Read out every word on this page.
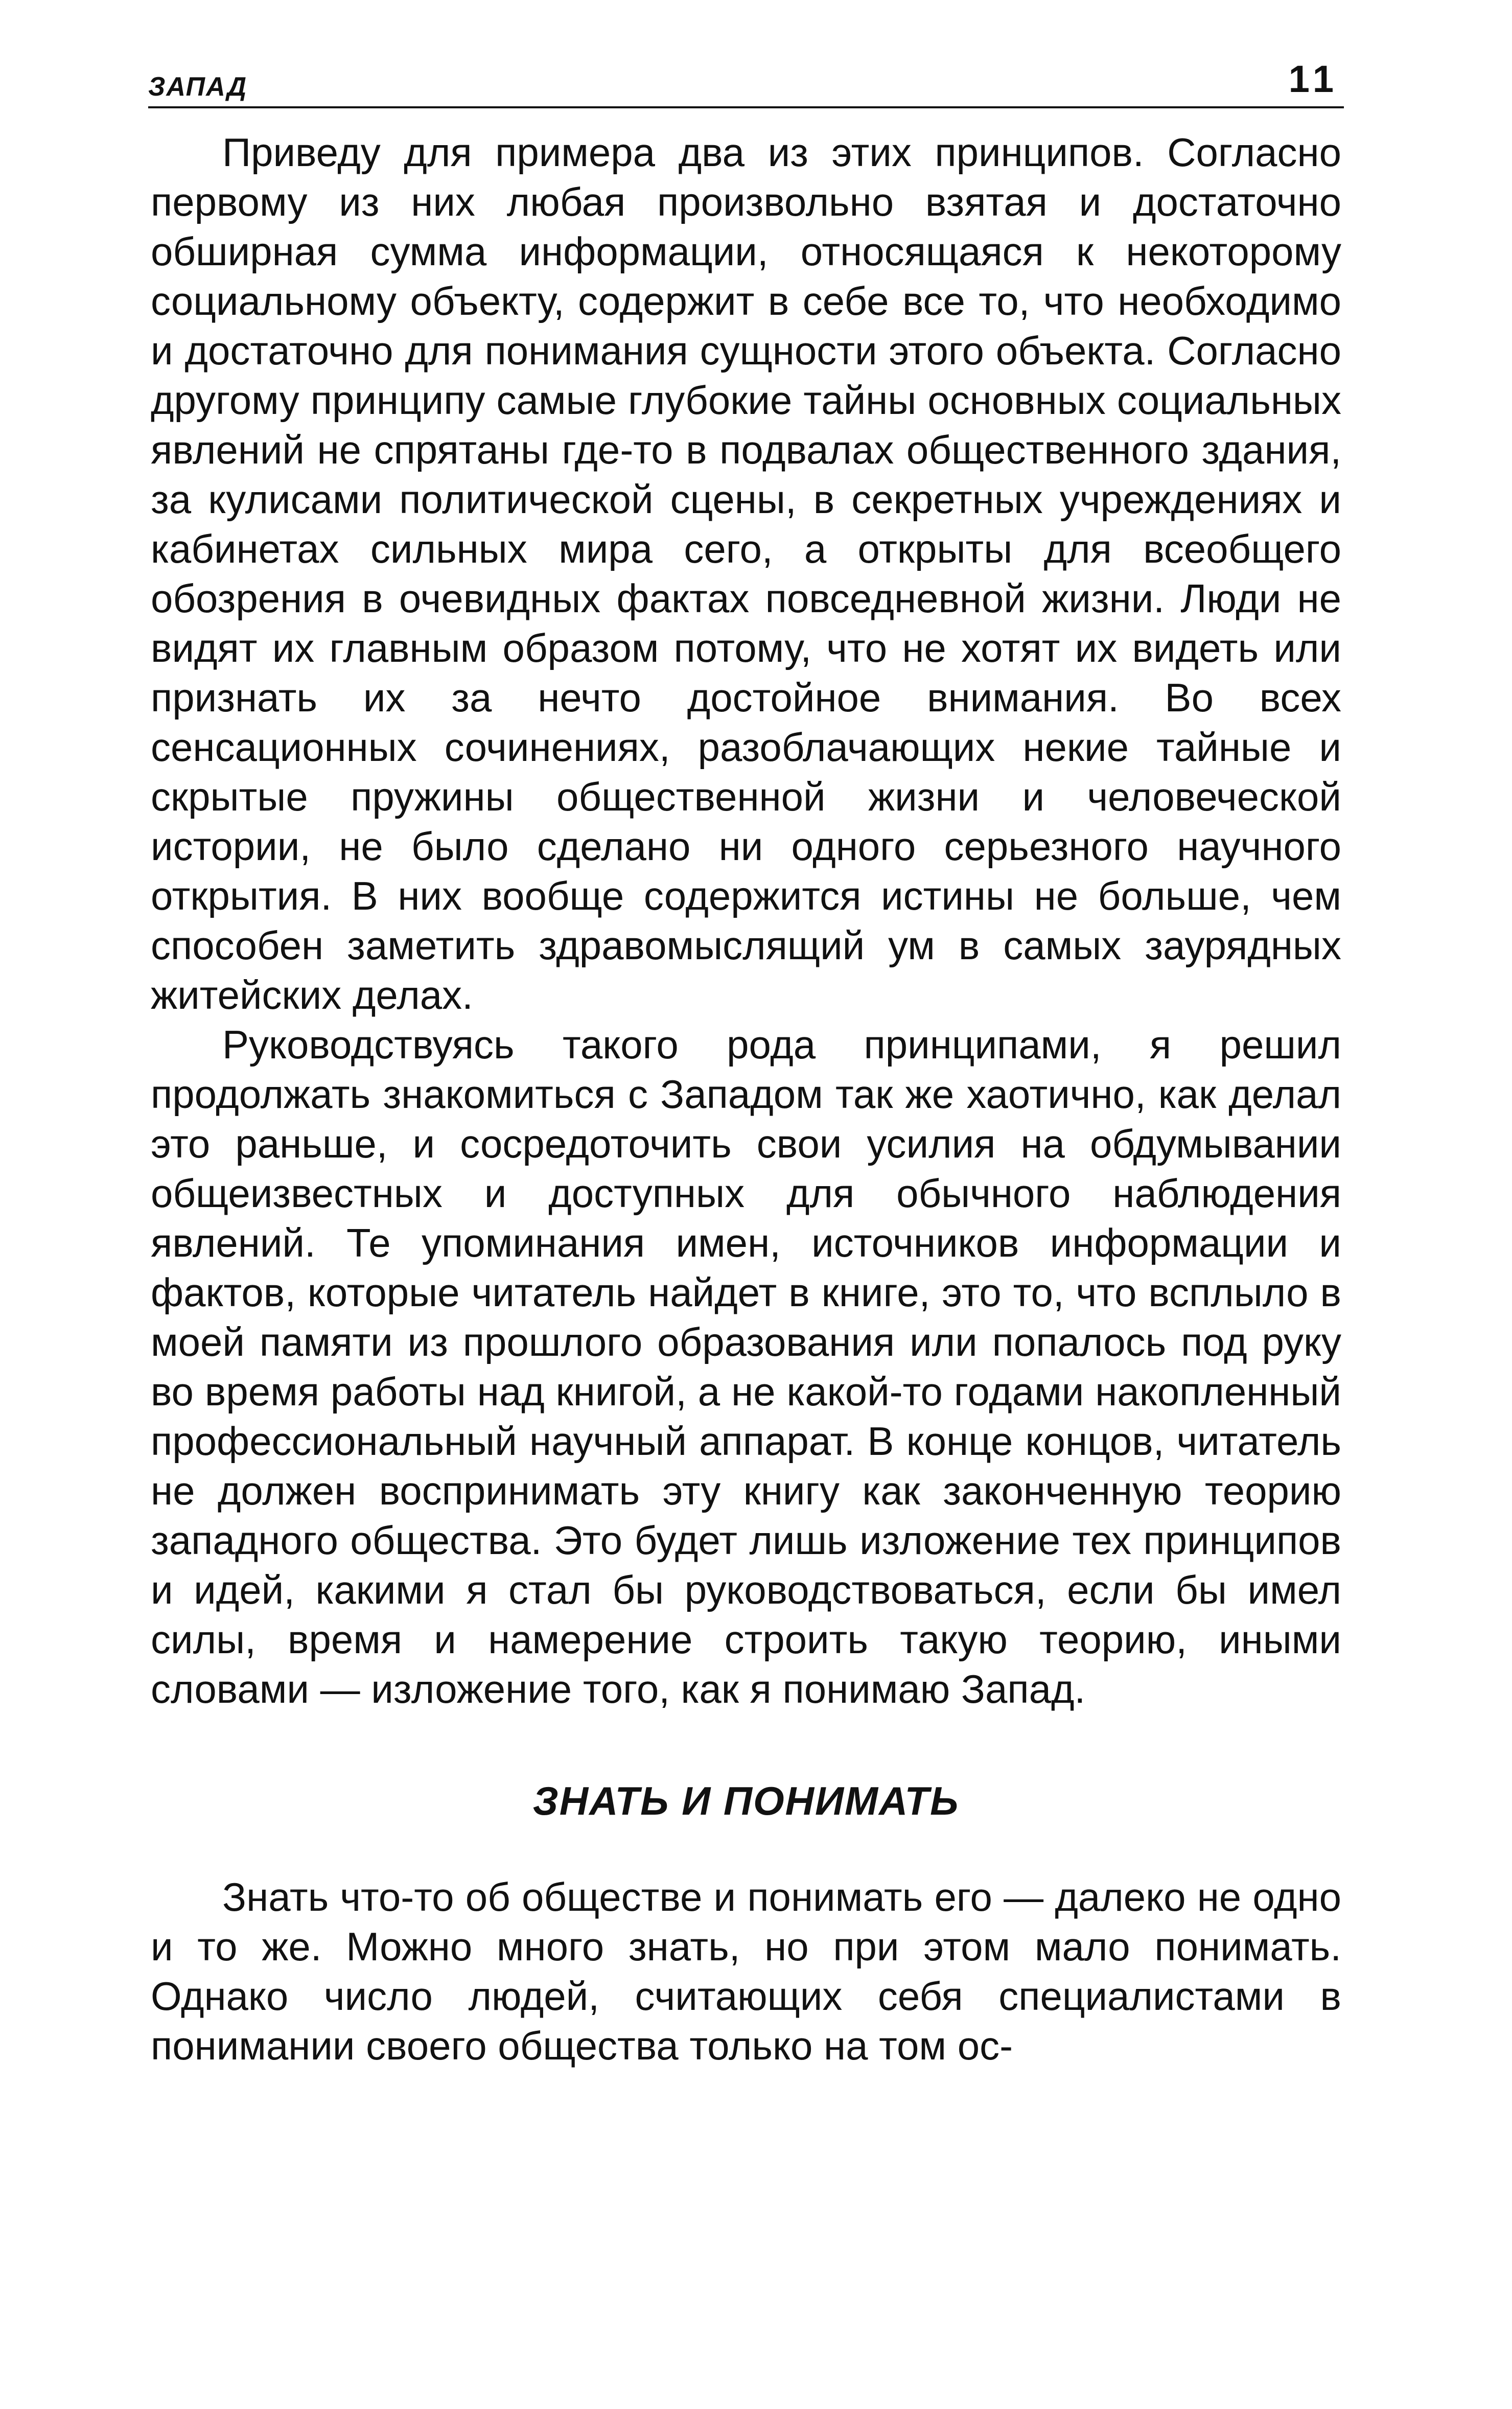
ЗАПАД	11

Приведу для примера два из этих принципов. Согласно первому из них любая произвольно взятая и достаточно обширная сумма информации, относящаяся к некоторому социальному объекту, содержит в себе все то, что необходимо и достаточно для понимания сущности этого объекта. Согласно другому принципу самые глубокие тайны основных социальных явлений не спрятаны где-то в подвалах общественного здания, за кулисами политической сцены, в секретных учреждениях и кабинетах сильных мира сего, а открыты для всеобщего обозрения в очевидных фактах повседневной жизни. Люди не видят их главным образом потому, что не хотят их видеть или признать их за нечто достойное внимания. Во всех сенсационных сочинениях, разоблачающих некие тайные и скрытые пружины общественной жизни и человеческой истории, не было сделано ни одного серьезного научного открытия. В них вообще содержится истины не больше, чем способен заметить здравомыслящий ум в самых заурядных житейских делах.

Руководствуясь такого рода принципами, я решил продолжать знакомиться с Западом так же хаотично, как делал это раньше, и сосредоточить свои усилия на обдумывании общеизвестных и доступных для обычного наблюдения явлений. Те упоминания имен, источников информации и фактов, которые читатель найдет в книге, это то, что всплыло в моей памяти из прошлого образования или попалось под руку во время работы над книгой, а не какой-то годами накопленный профессиональный научный аппарат. В конце концов, читатель не должен воспринимать эту книгу как законченную теорию западного общества. Это будет лишь изложение тех принципов и идей, какими я стал бы руководствоваться, если бы имел силы, время и намерение строить такую теорию, иными словами — изложение того, как я понимаю Запад.

ЗНАТЬ И ПОНИМАТЬ

Знать что-то об обществе и понимать его — далеко не одно и то же. Можно много знать, но при этом мало понимать. Однако число людей, считающих себя специалистами в понимании своего общества только на том ос-
